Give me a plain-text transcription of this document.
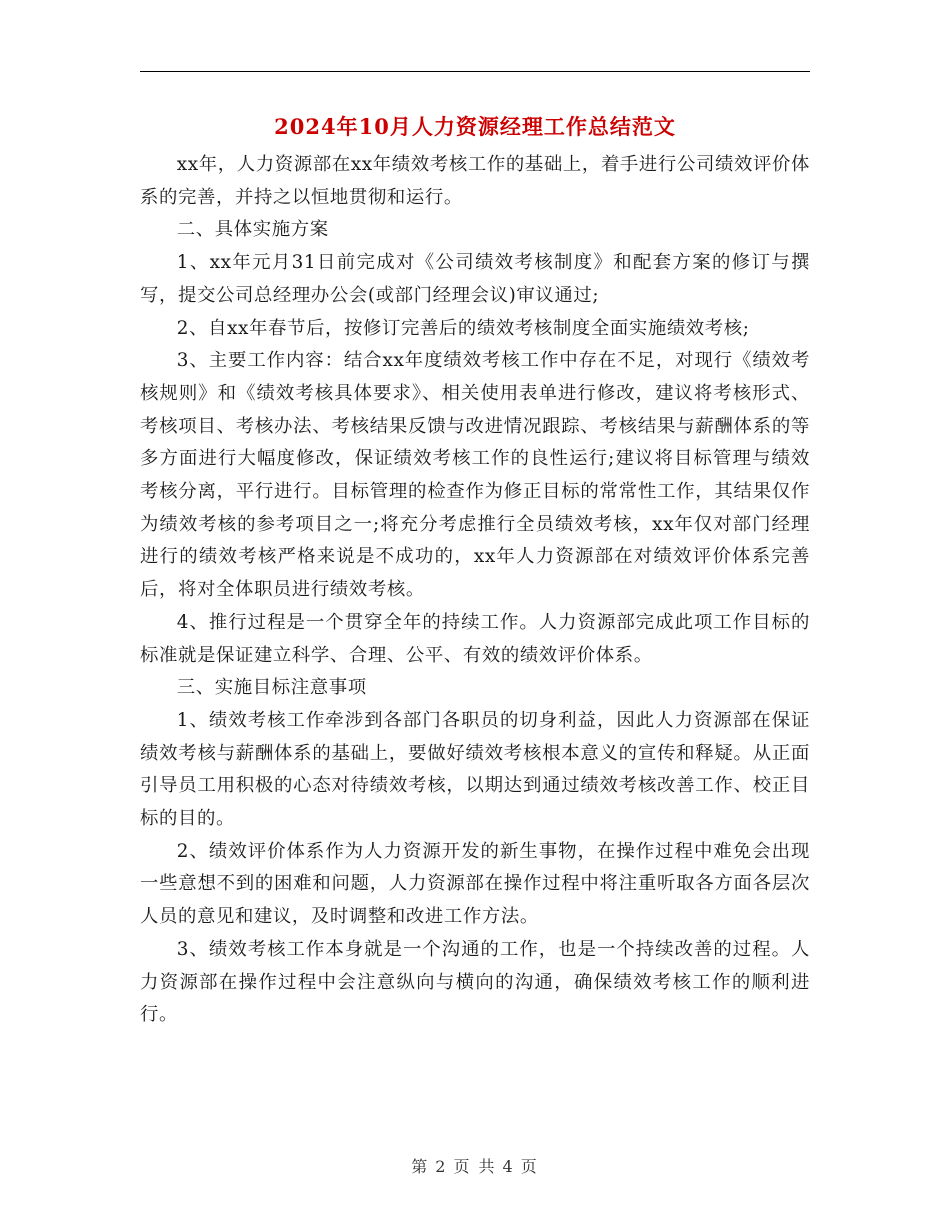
2024年10月人力资源经理工作总结范文

xx年，人力资源部在xx年绩效考核工作的基础上，着手进行公司绩效评价体系的完善，并持之以恒地贯彻和运行。

二、具体实施方案

1、xx年元月31日前完成对《公司绩效考核制度》和配套方案的修订与撰写，提交公司总经理办公会(或部门经理会议)审议通过;

2、自xx年春节后，按修订完善后的绩效考核制度全面实施绩效考核;

3、主要工作内容：结合xx年度绩效考核工作中存在不足，对现行《绩效考核规则》和《绩效考核具体要求》、相关使用表单进行修改，建议将考核形式、考核项目、考核办法、考核结果反馈与改进情况跟踪、考核结果与薪酬体系的等多方面进行大幅度修改，保证绩效考核工作的良性运行;建议将目标管理与绩效考核分离，平行进行。目标管理的检查作为修正目标的常常性工作，其结果仅作为绩效考核的参考项目之一;将充分考虑推行全员绩效考核，xx年仅对部门经理进行的绩效考核严格来说是不成功的，xx年人力资源部在对绩效评价体系完善后，将对全体职员进行绩效考核。

4、推行过程是一个贯穿全年的持续工作。人力资源部完成此项工作目标的标准就是保证建立科学、合理、公平、有效的绩效评价体系。

三、实施目标注意事项

1、绩效考核工作牵涉到各部门各职员的切身利益，因此人力资源部在保证绩效考核与薪酬体系的基础上，要做好绩效考核根本意义的宣传和释疑。从正面引导员工用积极的心态对待绩效考核，以期达到通过绩效考核改善工作、校正目标的目的。

2、绩效评价体系作为人力资源开发的新生事物，在操作过程中难免会出现一些意想不到的困难和问题，人力资源部在操作过程中将注重听取各方面各层次人员的意见和建议，及时调整和改进工作方法。

3、绩效考核工作本身就是一个沟通的工作，也是一个持续改善的过程。人力资源部在操作过程中会注意纵向与横向的沟通，确保绩效考核工作的顺利进行。

第 2 页 共 4 页
